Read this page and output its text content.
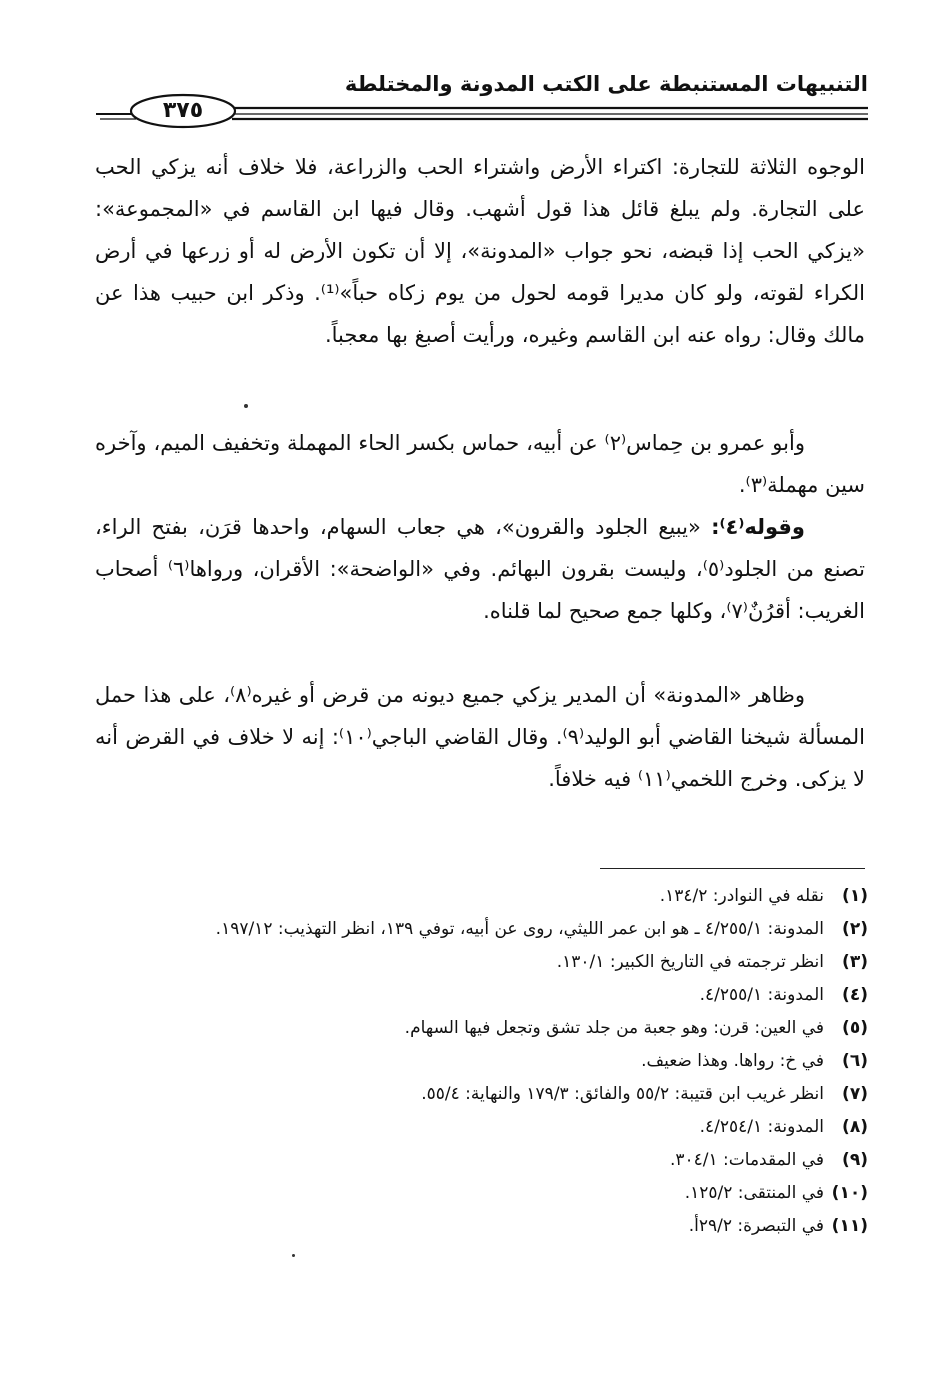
التنبيهات المستنبطة على الكتب المدونة والمختلطة
٣٧٥

الوجوه الثلاثة للتجارة: اكتراء الأرض واشتراء الحب والزراعة، فلا خلاف أنه يزكي الحب على التجارة. ولم يبلغ قائل هذا قول أشهب. وقال فيها ابن القاسم في «المجموعة»: «يزكي الحب إذا قبضه، نحو جواب «المدونة»، إلا أن تكون الأرض له أو زرعها في أرض الكراء لقوته، ولو كان مديرا قومه لحول من يوم زكاه حباً»⁽¹⁾. وذكر ابن حبيب هذا عن مالك وقال: رواه عنه ابن القاسم وغيره، ورأيت أصبغ بها معجباً.

وأبو عمرو بن حِماس⁽٢⁾ عن أبيه، حماس بكسر الحاء المهملة وتخفيف الميم، وآخره سين مهملة⁽٣⁾.

وقوله⁽٤⁾: «يبيع الجلود والقرون»، هي جعاب السهام، واحدها قرَن، بفتح الراء، تصنع من الجلود⁽٥⁾، وليست بقرون البهائم. وفي «الواضحة»: الأقران، ورواها⁽٦⁾ أصحاب الغريب: أقرُنٌ⁽٧⁾، وكلها جمع صحيح لما قلناه.

وظاهر «المدونة» أن المدير يزكي جميع ديونه من قرض أو غيره⁽٨⁾، على هذا حمل المسألة شيخنا القاضي أبو الوليد⁽٩⁾. وقال القاضي الباجي⁽١٠⁾: إنه لا خلاف في القرض أنه لا يزكى. وخرج اللخمي⁽١١⁾ فيه خلافاً.

(١)
نقله في النوادر: ١٣٤/٢.
(٢)
المدونة: ٤/٢٥٥/١ ـ هو ابن عمر الليثي، روى عن أبيه، توفي ١٣٩، انظر التهذيب: ١٩٧/١٢.
(٣)
انظر ترجمته في التاريخ الكبير: ١٣٠/١.
(٤)
المدونة: ٤/٢٥٥/١.
(٥)
في العين: قرن: وهو جعبة من جلد تشق وتجعل فيها السهام.
(٦)
في خ: رواها. وهذا ضعيف.
(٧)
انظر غريب ابن قتيبة: ٥٥/٢ والفائق: ١٧٩/٣ والنهاية: ٥٥/٤.
(٨)
المدونة: ٤/٢٥٤/١.
(٩)
في المقدمات: ٣٠٤/١.
(١٠)
في المنتقى: ١٢٥/٢.
(١١)
في التبصرة: ٢٩/٢أ.
